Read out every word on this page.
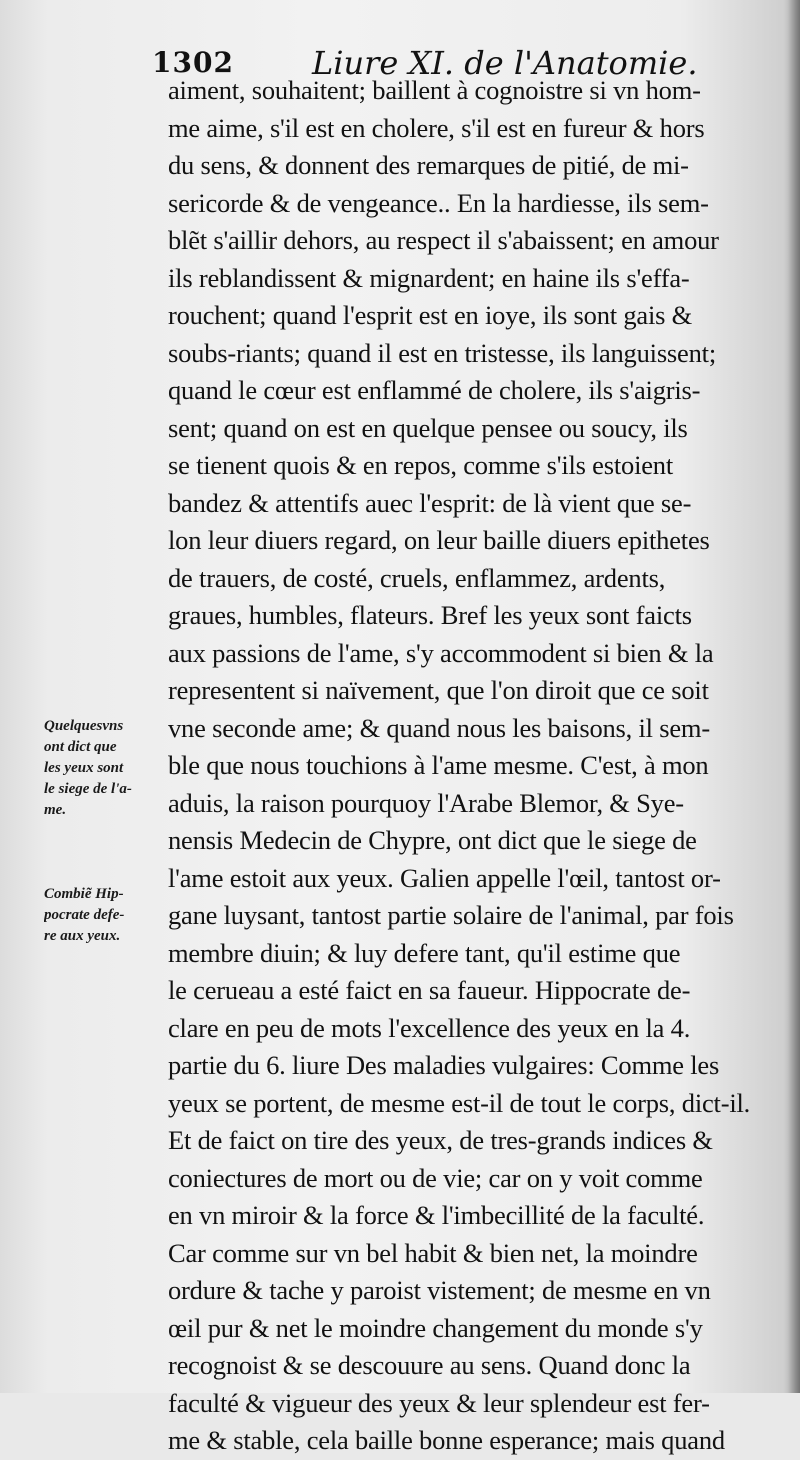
1302 Liure XI. de l'Anatomie.
aiment, souhaitent; baillent à cognoistre si vn hom-
me aime, s'il est en cholere, s'il est en fureur & hors
du sens, & donnent des remarques de pitié, de mi-
sericorde & de vengeance.. En la hardiesse, ils sem-
blẽt s'aillir dehors, au respect il s'abaissent; en amour
ils reblandissent & mignardent; en haine ils s'effa-
rouchent; quand l'esprit est en ioye, ils sont gais &
soubs-riants; quand il est en tristesse, ils languissent;
quand le cœur est enflammé de cholere, ils s'aigris-
sent; quand on est en quelque pensee ou soucy, ils
se tienent quois & en repos, comme s'ils estoient
bandez & attentifs auec l'esprit: de là vient que se-
lon leur diuers regard, on leur baille diuers epithetes
de trauers, de costé, cruels, enflammez, ardents,
graues, humbles, flateurs. Bref les yeux sont faicts
aux passions de l'ame, s'y accommodent si bien & la
representent si naïvement, que l'on diroit que ce soit
vne seconde ame; & quand nous les baisons, il sem-
ble que nous touchions à l'ame mesme. C'est, à mon
aduis, la raison pourquoy l'Arabe Blemor, & Sye-
nensis Medecin de Chypre, ont dict que le siege de
l'ame estoit aux yeux. Galien appelle l'œil, tantost or-
gane luysant, tantost partie solaire de l'animal, par fois
membre diuin; & luy defere tant, qu'il estime que
le cerueau a esté faict en sa faueur. Hippocrate de-
clare en peu de mots l'excellence des yeux en la 4.
partie du 6. liure Des maladies vulgaires: Comme les
yeux se portent, de mesme est-il de tout le corps, dict-il.
Et de faict on tire des yeux, de tres-grands indices &
coniectures de mort ou de vie; car on y voit comme
en vn miroir & la force & l'imbecillité de la faculté.
Car comme sur vn bel habit & bien net, la moindre
ordure & tache y paroist vistement; de mesme en vn
œil pur & net le moindre changement du monde s'y
recognoist & se descouure au sens. Quand donc la
faculté & vigueur des yeux & leur splendeur est fer-
me & stable, cela baille bonne esperance; mais quand
Quelquesvns
ont dict que
les yeux sont
le siege de l'a-
me.
Combiẽ Hip-
pocrate defe-
re aux yeux.
